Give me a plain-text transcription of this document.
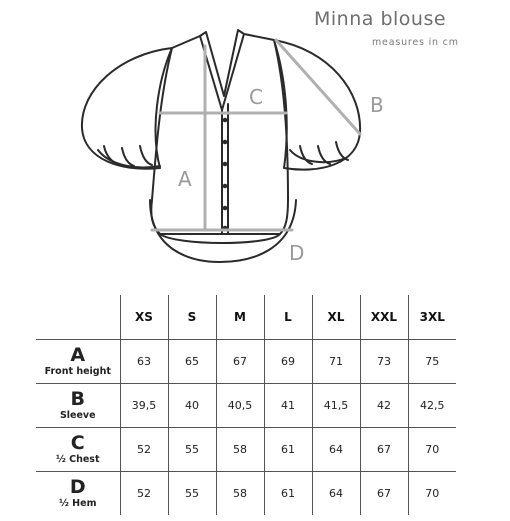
Minna blouse
measures in cm
A
B
C
D
	XS	S	M	L	XL	XXL	3XL

A
Front height	63	65	67	69	71	73	75

B
Sleeve	39,5	40	40,5	41	41,5	42	42,5

C
½ Chest	52	55	58	61	64	67	70

D
½ Hem	52	55	58	61	64	67	70
